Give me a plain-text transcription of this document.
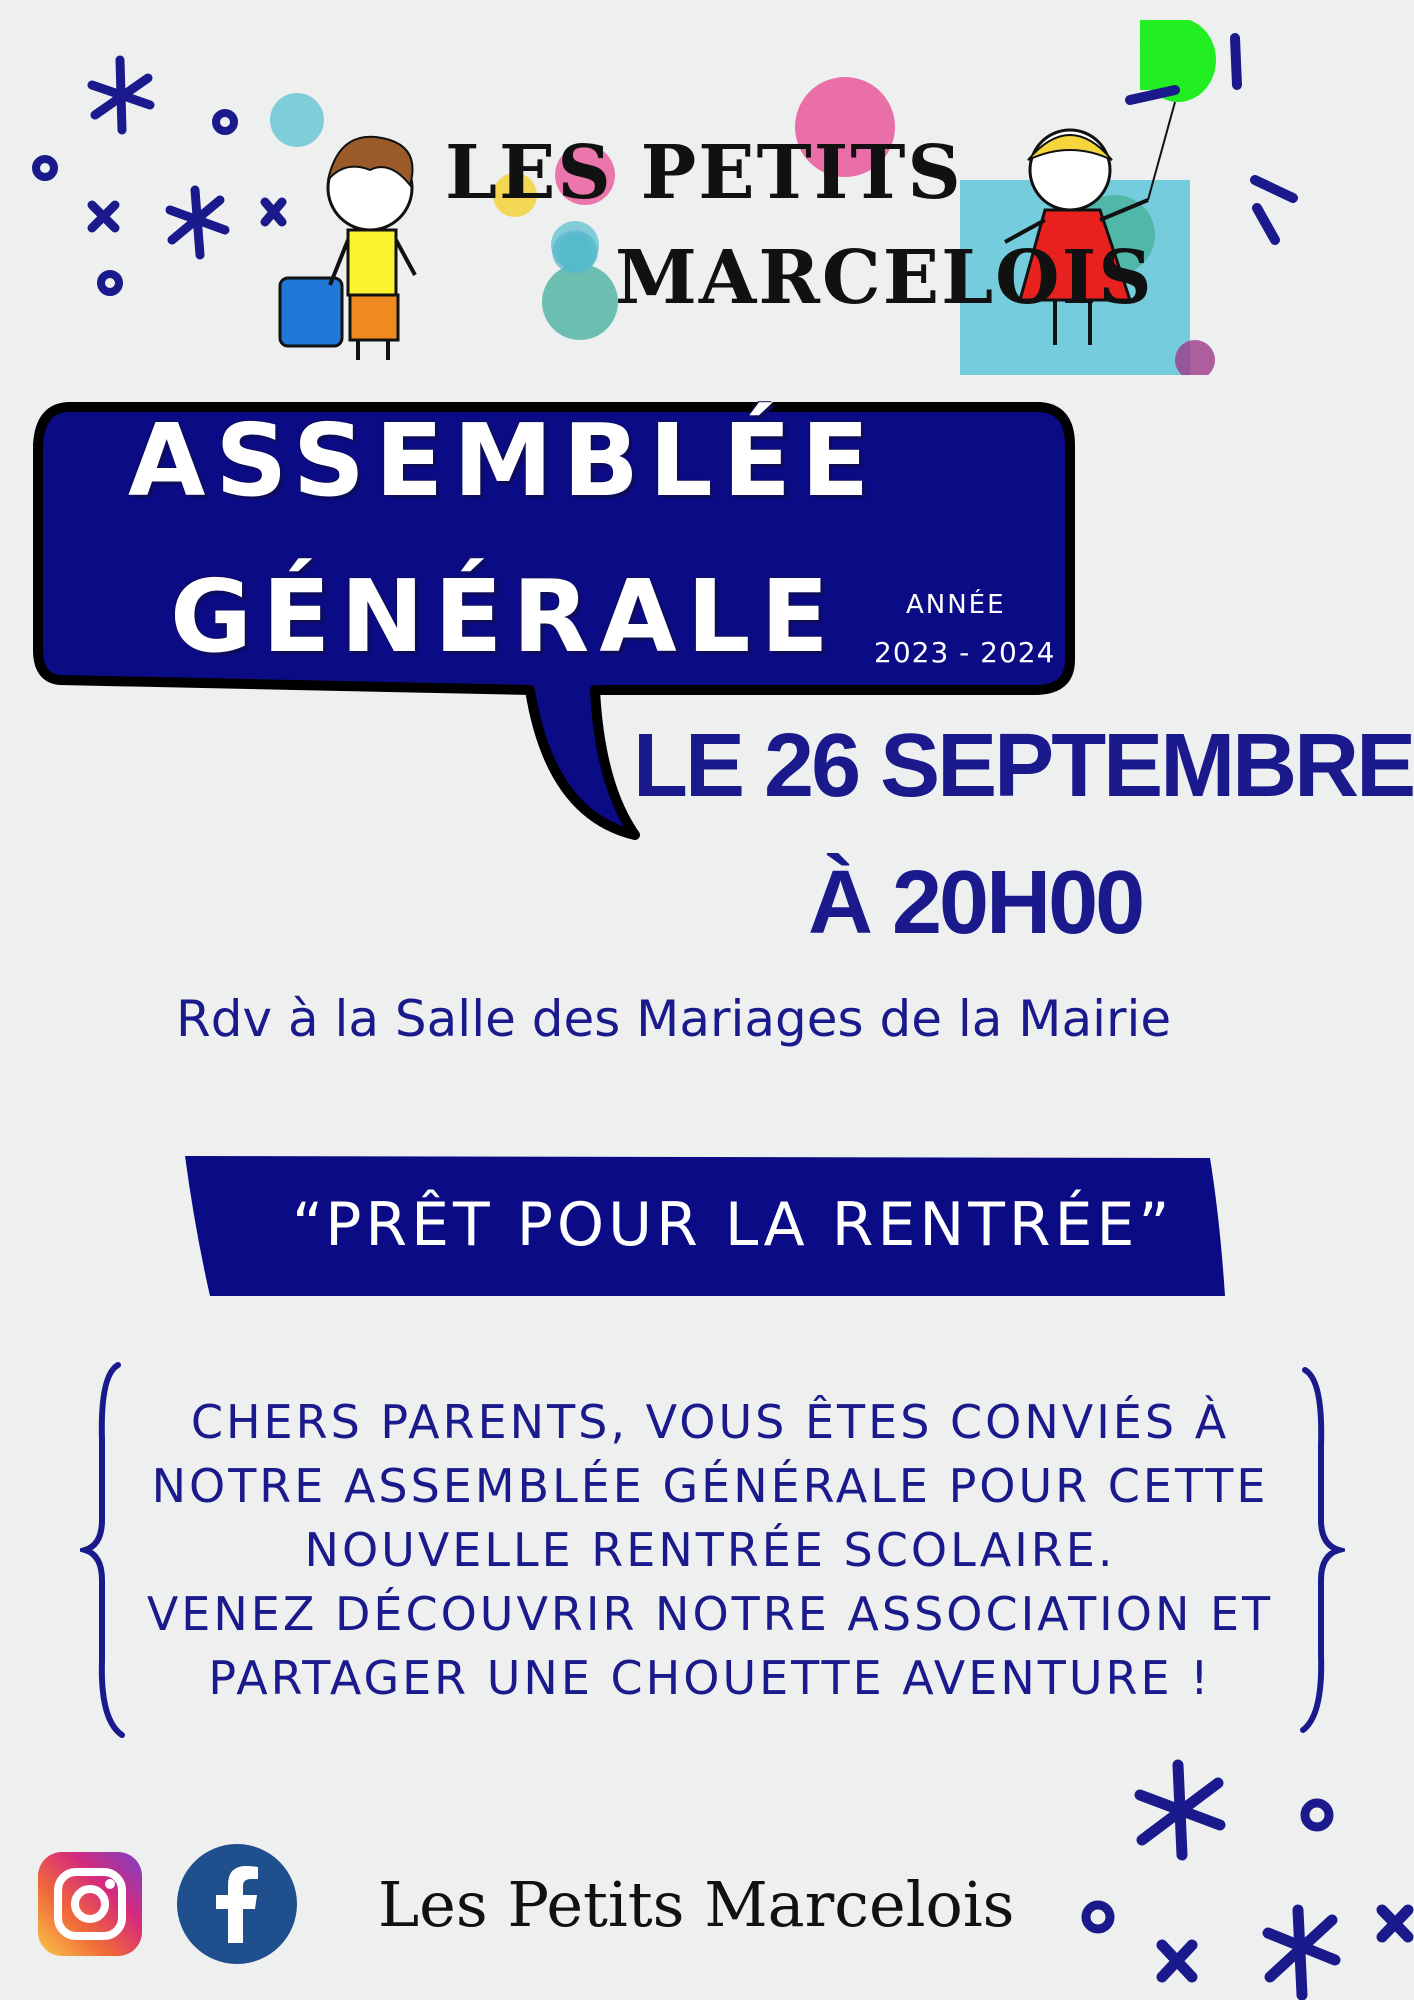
LES PETITS
MARCELOIS
ASSEMBLÉE
GÉNÉRALE	ANNÉE
2023 - 2024
LE 26 SEPTEMBRE
À 20H00
Rdv à la Salle des Mariages de la Mairie
“PRÊT POUR LA RENTRÉE”
CHERS PARENTS, VOUS ÊTES CONVIÉS À
NOTRE ASSEMBLÉE GÉNÉRALE POUR CETTE
NOUVELLE RENTRÉE SCOLAIRE.
VENEZ DÉCOUVRIR NOTRE ASSOCIATION ET
PARTAGER UNE CHOUETTE AVENTURE !
Les Petits Marcelois
